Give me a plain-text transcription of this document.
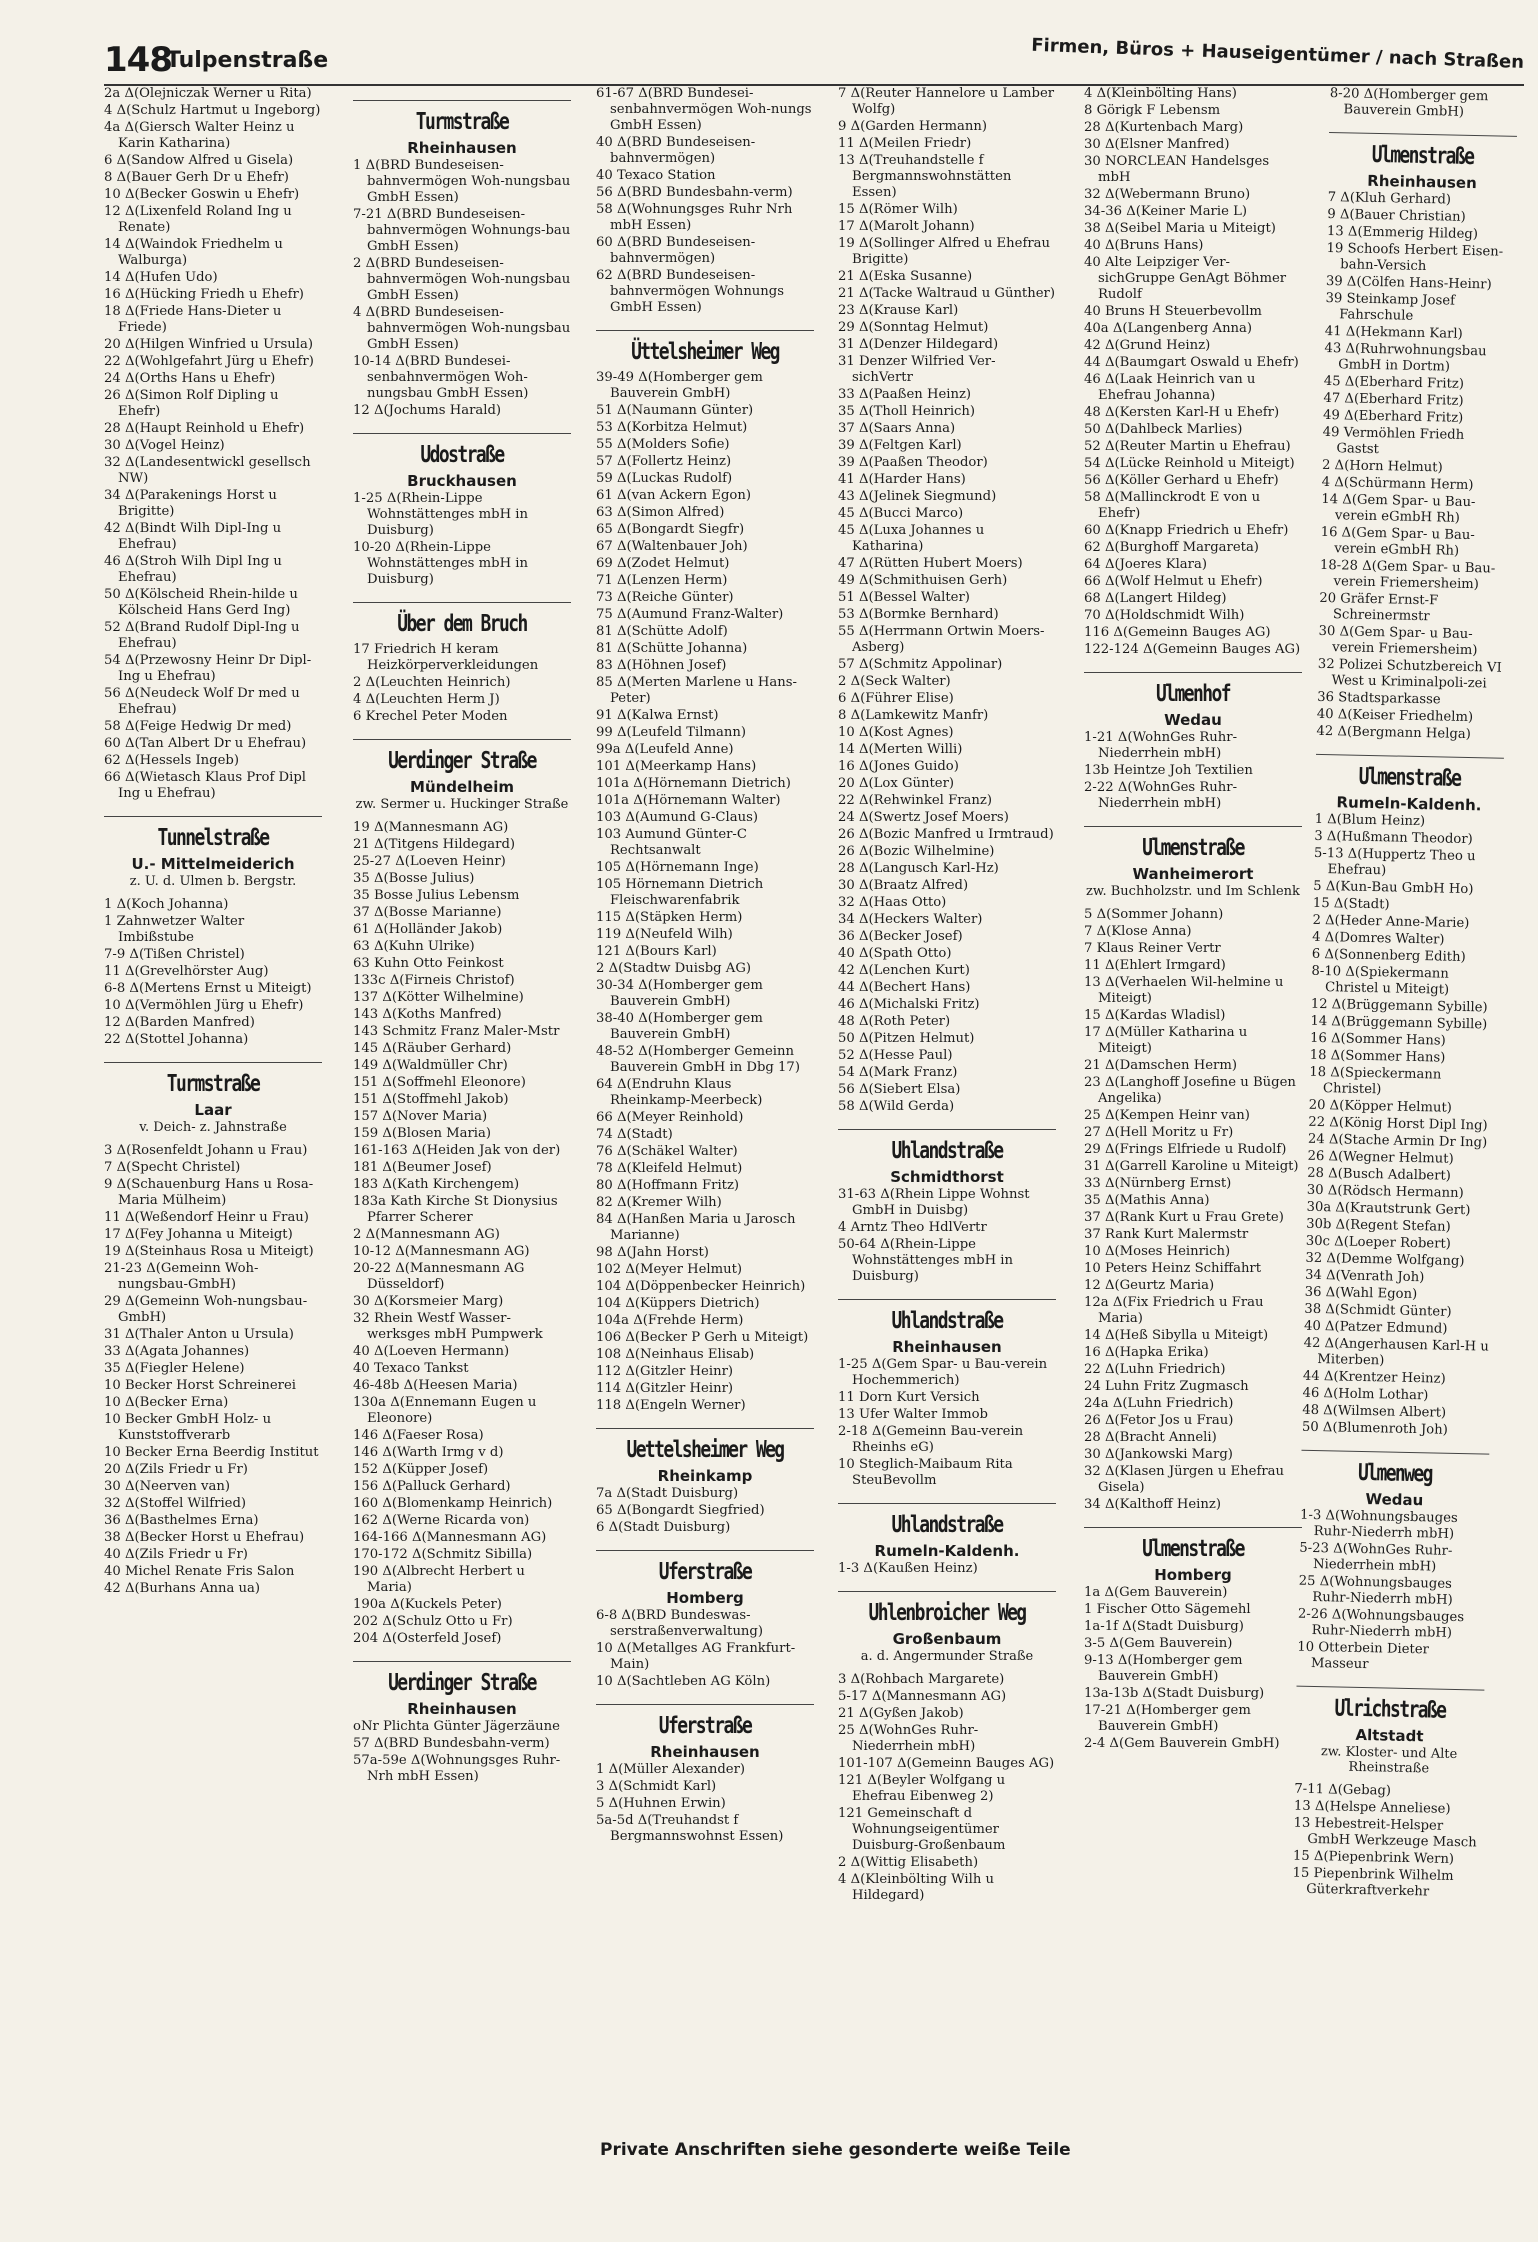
148
Tulpenstraße	Firmen, Büros + Hauseigentümer / nach Straßen
2a Δ(Olejniczak Werner u Rita)
4 Δ(Schulz Hartmut u Ingeborg)
4a Δ(Giersch Walter Heinz u Karin Katharina)
6 Δ(Sandow Alfred u Gisela)
8 Δ(Bauer Gerh Dr u Ehefr)
10 Δ(Becker Goswin u Ehefr)
12 Δ(Lixenfeld Roland Ing u Renate)
14 Δ(Waindok Friedhelm u Walburga)
14 Δ(Hufen Udo)
16 Δ(Hücking Friedh u Ehefr)
18 Δ(Friede Hans-Dieter u Friede)
20 Δ(Hilgen Winfried u Ursula)
22 Δ(Wohlgefahrt Jürg u Ehefr)
24 Δ(Orths Hans u Ehefr)
26 Δ(Simon Rolf Dipling u Ehefr)
28 Δ(Haupt Reinhold u Ehefr)
30 Δ(Vogel Heinz)
32 Δ(Landesentwickl gesellsch NW)
34 Δ(Parakenings Horst u Brigitte)
42 Δ(Bindt Wilh Dipl-Ing u Ehefrau)
46 Δ(Stroh Wilh Dipl Ing u Ehefrau)
50 Δ(Kölscheid Rhein-hilde u Kölscheid Hans Gerd Ing)
52 Δ(Brand Rudolf Dipl-Ing u Ehefrau)
54 Δ(Przewosny Heinr Dr Dipl-Ing u Ehefrau)
56 Δ(Neudeck Wolf Dr med u Ehefrau)
58 Δ(Feige Hedwig Dr med)
60 Δ(Tan Albert Dr u Ehefrau)
62 Δ(Hessels Ingeb)
66 Δ(Wietasch Klaus Prof Dipl Ing u Ehefrau)
Tunnelstraße
U.- Mittelmeiderich
z. U. d. Ulmen b. Bergstr.
1 Δ(Koch Johanna)
1 Zahnwetzer Walter Imbißstube
7-9 Δ(Tißen Christel)
11 Δ(Grevelhörster Aug)
6-8 Δ(Mertens Ernst u Miteigt)
10 Δ(Vermöhlen Jürg u Ehefr)
12 Δ(Barden Manfred)
22 Δ(Stottel Johanna)
Turmstraße
Laar
v. Deich- z. Jahnstraße
3 Δ(Rosenfeldt Johann u Frau)
7 Δ(Specht Christel)
9 Δ(Schauenburg Hans u Rosa-Maria Mülheim)
11 Δ(Weßendorf Heinr u Frau)
17 Δ(Fey Johanna u Miteigt)
19 Δ(Steinhaus Rosa u Miteigt)
21-23 Δ(Gemeinn Woh-nungsbau-GmbH)
29 Δ(Gemeinn Woh-nungsbau-GmbH)
31 Δ(Thaler Anton u Ursula)
33 Δ(Agata Johannes)
35 Δ(Fiegler Helene)
10 Becker Horst Schreinerei
10 Δ(Becker Erna)
10 Becker GmbH Holz- u Kunststoffverarb
10 Becker Erna Beerdig Institut
20 Δ(Zils Friedr u Fr)
30 Δ(Neerven van)
32 Δ(Stoffel Wilfried)
36 Δ(Basthelmes Erna)
38 Δ(Becker Horst u Ehefrau)
40 Δ(Zils Friedr u Fr)
40 Michel Renate Fris Salon
42 Δ(Burhans Anna ua)
Turmstraße
Rheinhausen
1 Δ(BRD Bundeseisen-bahnvermögen Woh-nungsbau GmbH Essen)
7-21 Δ(BRD Bundeseisen-bahnvermögen Wohnungs-bau GmbH Essen)
2 Δ(BRD Bundeseisen-bahnvermögen Woh-nungsbau GmbH Essen)
4 Δ(BRD Bundeseisen-bahnvermögen Woh-nungsbau GmbH Essen)
10-14 Δ(BRD Bundesei-senbahnvermögen Woh-nungsbau GmbH Essen)
12 Δ(Jochums Harald)
Udostraße
Bruckhausen
1-25 Δ(Rhein-Lippe Wohnstättenges mbH in Duisburg)
10-20 Δ(Rhein-Lippe Wohnstättenges mbH in Duisburg)
Über dem Bruch
17 Friedrich H keram Heizkörperverkleidungen
2 Δ(Leuchten Heinrich)
4 Δ(Leuchten Herm J)
6 Krechel Peter Moden
Uerdinger Straße
Mündelheim
zw. Sermer u. Huckinger Straße
19 Δ(Mannesmann AG)
21 Δ(Titgens Hildegard)
25-27 Δ(Loeven Heinr)
35 Δ(Bosse Julius)
35 Bosse Julius Lebensm
37 Δ(Bosse Marianne)
61 Δ(Holländer Jakob)
63 Δ(Kuhn Ulrike)
63 Kuhn Otto Feinkost
133c Δ(Firneis Christof)
137 Δ(Kötter Wilhelmine)
143 Δ(Koths Manfred)
143 Schmitz Franz Maler-Mstr
145 Δ(Räuber Gerhard)
149 Δ(Waldmüller Chr)
151 Δ(Soffmehl Eleonore)
151 Δ(Stoffmehl Jakob)
157 Δ(Nover Maria)
159 Δ(Blosen Maria)
161-163 Δ(Heiden Jak von der)
181 Δ(Beumer Josef)
183 Δ(Kath Kirchengem)
183a Kath Kirche St Dionysius Pfarrer Scherer
2 Δ(Mannesmann AG)
10-12 Δ(Mannesmann AG)
20-22 Δ(Mannesmann AG Düsseldorf)
30 Δ(Korsmeier Marg)
32 Rhein Westf Wasser-werksges mbH Pumpwerk
40 Δ(Loeven Hermann)
40 Texaco Tankst
46-48b Δ(Heesen Maria)
130a Δ(Ennemann Eugen u Eleonore)
146 Δ(Faeser Rosa)
146 Δ(Warth Irmg v d)
152 Δ(Küpper Josef)
156 Δ(Palluck Gerhard)
160 Δ(Blomenkamp Heinrich)
162 Δ(Werne Ricarda von)
164-166 Δ(Mannesmann AG)
170-172 Δ(Schmitz Sibilla)
190 Δ(Albrecht Herbert u Maria)
190a Δ(Kuckels Peter)
202 Δ(Schulz Otto u Fr)
204 Δ(Osterfeld Josef)
Uerdinger Straße
Rheinhausen
oNr Plichta Günter Jägerzäune
57 Δ(BRD Bundesbahn-verm)
57a-59e Δ(Wohnungsges Ruhr-Nrh mbH Essen)
61-67 Δ(BRD Bundesei-senbahnvermögen Woh-nungs GmbH Essen)
40 Δ(BRD Bundeseisen-bahnvermögen)
40 Texaco Station
56 Δ(BRD Bundesbahn-verm)
58 Δ(Wohnungsges Ruhr Nrh mbH Essen)
60 Δ(BRD Bundeseisen-bahnvermögen)
62 Δ(BRD Bundeseisen-bahnvermögen Wohnungs GmbH Essen)
Üttelsheimer Weg
39-49 Δ(Homberger gem Bauverein GmbH)
51 Δ(Naumann Günter)
53 Δ(Korbitza Helmut)
55 Δ(Molders Sofie)
57 Δ(Follertz Heinz)
59 Δ(Luckas Rudolf)
61 Δ(van Ackern Egon)
63 Δ(Simon Alfred)
65 Δ(Bongardt Siegfr)
67 Δ(Waltenbauer Joh)
69 Δ(Zodet Helmut)
71 Δ(Lenzen Herm)
73 Δ(Reiche Günter)
75 Δ(Aumund Franz-Walter)
81 Δ(Schütte Adolf)
81 Δ(Schütte Johanna)
83 Δ(Höhnen Josef)
85 Δ(Merten Marlene u Hans-Peter)
91 Δ(Kalwa Ernst)
99 Δ(Leufeld Tilmann)
99a Δ(Leufeld Anne)
101 Δ(Meerkamp Hans)
101a Δ(Hörnemann Dietrich)
101a Δ(Hörnemann Walter)
103 Δ(Aumund G-Claus)
103 Aumund Günter-C Rechtsanwalt
105 Δ(Hörnemann Inge)
105 Hörnemann Dietrich Fleischwarenfabrik
115 Δ(Stäpken Herm)
119 Δ(Neufeld Wilh)
121 Δ(Bours Karl)
2 Δ(Stadtw Duisbg AG)
30-34 Δ(Homberger gem Bauverein GmbH)
38-40 Δ(Homberger gem Bauverein GmbH)
48-52 Δ(Homberger Gemeinn Bauverein GmbH in Dbg 17)
64 Δ(Endruhn Klaus Rheinkamp-Meerbeck)
66 Δ(Meyer Reinhold)
74 Δ(Stadt)
76 Δ(Schäkel Walter)
78 Δ(Kleifeld Helmut)
80 Δ(Hoffmann Fritz)
82 Δ(Kremer Wilh)
84 Δ(Hanßen Maria u Jarosch Marianne)
98 Δ(Jahn Horst)
102 Δ(Meyer Helmut)
104 Δ(Döppenbecker Heinrich)
104 Δ(Küppers Dietrich)
104a Δ(Frehde Herm)
106 Δ(Becker P Gerh u Miteigt)
108 Δ(Neinhaus Elisab)
112 Δ(Gitzler Heinr)
114 Δ(Gitzler Heinr)
118 Δ(Engeln Werner)
Uettelsheimer Weg
Rheinkamp
7a Δ(Stadt Duisburg)
65 Δ(Bongardt Siegfried)
6 Δ(Stadt Duisburg)
Uferstraße
Homberg
6-8 Δ(BRD Bundeswas-serstraßenverwaltung)
10 Δ(Metallges AG Frankfurt-Main)
10 Δ(Sachtleben AG Köln)
Uferstraße
Rheinhausen
1 Δ(Müller Alexander)
3 Δ(Schmidt Karl)
5 Δ(Huhnen Erwin)
5a-5d Δ(Treuhandst f Bergmannswohnst Essen)
7 Δ(Reuter Hannelore u Lamber Wolfg)
9 Δ(Garden Hermann)
11 Δ(Meilen Friedr)
13 Δ(Treuhandstelle f Bergmannswohnstätten Essen)
15 Δ(Römer Wilh)
17 Δ(Marolt Johann)
19 Δ(Sollinger Alfred u Ehefrau Brigitte)
21 Δ(Eska Susanne)
21 Δ(Tacke Waltraud u Günther)
23 Δ(Krause Karl)
29 Δ(Sonntag Helmut)
31 Δ(Denzer Hildegard)
31 Denzer Wilfried Ver-sichVertr
33 Δ(Paaßen Heinz)
35 Δ(Tholl Heinrich)
37 Δ(Saars Anna)
39 Δ(Feltgen Karl)
39 Δ(Paaßen Theodor)
41 Δ(Harder Hans)
43 Δ(Jelinek Siegmund)
45 Δ(Bucci Marco)
45 Δ(Luxa Johannes u Katharina)
47 Δ(Rütten Hubert Moers)
49 Δ(Schmithuisen Gerh)
51 Δ(Bessel Walter)
53 Δ(Bormke Bernhard)
55 Δ(Herrmann Ortwin Moers-Asberg)
57 Δ(Schmitz Appolinar)
2 Δ(Seck Walter)
6 Δ(Führer Elise)
8 Δ(Lamkewitz Manfr)
10 Δ(Kost Agnes)
14 Δ(Merten Willi)
16 Δ(Jones Guido)
20 Δ(Lox Günter)
22 Δ(Rehwinkel Franz)
24 Δ(Swertz Josef Moers)
26 Δ(Bozic Manfred u Irmtraud)
26 Δ(Bozic Wilhelmine)
28 Δ(Langusch Karl-Hz)
30 Δ(Braatz Alfred)
32 Δ(Haas Otto)
34 Δ(Heckers Walter)
36 Δ(Becker Josef)
40 Δ(Spath Otto)
42 Δ(Lenchen Kurt)
44 Δ(Bechert Hans)
46 Δ(Michalski Fritz)
48 Δ(Roth Peter)
50 Δ(Pitzen Helmut)
52 Δ(Hesse Paul)
54 Δ(Mark Franz)
56 Δ(Siebert Elsa)
58 Δ(Wild Gerda)
Uhlandstraße
Schmidthorst
31-63 Δ(Rhein Lippe Wohnst GmbH in Duisbg)
4 Arntz Theo HdlVertr
50-64 Δ(Rhein-Lippe Wohnstättenges mbH in Duisburg)
Uhlandstraße
Rheinhausen
1-25 Δ(Gem Spar- u Bau-verein Hochemmerich)
11 Dorn Kurt Versich
13 Ufer Walter Immob
2-18 Δ(Gemeinn Bau-verein Rheinhs eG)
10 Steglich-Maibaum Rita SteuBevollm
Uhlandstraße
Rumeln-Kaldenh.
1-3 Δ(Kaußen Heinz)
Uhlenbroicher Weg
Großenbaum
a. d. Angermunder Straße
3 Δ(Rohbach Margarete)
5-17 Δ(Mannesmann AG)
21 Δ(Gyßen Jakob)
25 Δ(WohnGes Ruhr-Niederrhein mbH)
101-107 Δ(Gemeinn Bauges AG)
121 Δ(Beyler Wolfgang u Ehefrau Eibenweg 2)
121 Gemeinschaft d Wohnungseigentümer Duisburg-Großenbaum
2 Δ(Wittig Elisabeth)
4 Δ(Kleinbölting Wilh u Hildegard)
4 Δ(Kleinbölting Hans)
8 Görigk F Lebensm
28 Δ(Kurtenbach Marg)
30 Δ(Elsner Manfred)
30 NORCLEAN Handelsges mbH
32 Δ(Webermann Bruno)
34-36 Δ(Keiner Marie L)
38 Δ(Seibel Maria u Miteigt)
40 Δ(Bruns Hans)
40 Alte Leipziger Ver-sichGruppe GenAgt Böhmer Rudolf
40 Bruns H Steuerbevollm
40a Δ(Langenberg Anna)
42 Δ(Grund Heinz)
44 Δ(Baumgart Oswald u Ehefr)
46 Δ(Laak Heinrich van u Ehefrau Johanna)
48 Δ(Kersten Karl-H u Ehefr)
50 Δ(Dahlbeck Marlies)
52 Δ(Reuter Martin u Ehefrau)
54 Δ(Lücke Reinhold u Miteigt)
56 Δ(Köller Gerhard u Ehefr)
58 Δ(Mallinckrodt E von u Ehefr)
60 Δ(Knapp Friedrich u Ehefr)
62 Δ(Burghoff Margareta)
64 Δ(Joeres Klara)
66 Δ(Wolf Helmut u Ehefr)
68 Δ(Langert Hildeg)
70 Δ(Holdschmidt Wilh)
116 Δ(Gemeinn Bauges AG)
122-124 Δ(Gemeinn Bauges AG)
Ulmenhof
Wedau
1-21 Δ(WohnGes Ruhr-Niederrhein mbH)
13b Heintze Joh Textilien
2-22 Δ(WohnGes Ruhr-Niederrhein mbH)
Ulmenstraße
Wanheimerort
zw. Buchholzstr. und Im Schlenk
5 Δ(Sommer Johann)
7 Δ(Klose Anna)
7 Klaus Reiner Vertr
11 Δ(Ehlert Irmgard)
13 Δ(Verhaelen Wil-helmine u Miteigt)
15 Δ(Kardas Wladisl)
17 Δ(Müller Katharina u Miteigt)
21 Δ(Damschen Herm)
23 Δ(Langhoff Josefine u Bügen Angelika)
25 Δ(Kempen Heinr van)
27 Δ(Hell Moritz u Fr)
29 Δ(Frings Elfriede u Rudolf)
31 Δ(Garrell Karoline u Miteigt)
33 Δ(Nürnberg Ernst)
35 Δ(Mathis Anna)
37 Δ(Rank Kurt u Frau Grete)
37 Rank Kurt Malermstr
10 Δ(Moses Heinrich)
10 Peters Heinz Schiffahrt
12 Δ(Geurtz Maria)
12a Δ(Fix Friedrich u Frau Maria)
14 Δ(Heß Sibylla u Miteigt)
16 Δ(Hapka Erika)
22 Δ(Luhn Friedrich)
24 Luhn Fritz Zugmasch
24a Δ(Luhn Friedrich)
26 Δ(Fetor Jos u Frau)
28 Δ(Bracht Anneli)
30 Δ(Jankowski Marg)
32 Δ(Klasen Jürgen u Ehefrau Gisela)
34 Δ(Kalthoff Heinz)
Ulmenstraße
Homberg
1a Δ(Gem Bauverein)
1 Fischer Otto Sägemehl
1a-1f Δ(Stadt Duisburg)
3-5 Δ(Gem Bauverein)
9-13 Δ(Homberger gem Bauverein GmbH)
13a-13b Δ(Stadt Duisburg)
17-21 Δ(Homberger gem Bauverein GmbH)
2-4 Δ(Gem Bauverein GmbH)
8-20 Δ(Homberger gem Bauverein GmbH)
Ulmenstraße
Rheinhausen
7 Δ(Kluh Gerhard)
9 Δ(Bauer Christian)
13 Δ(Emmerig Hildeg)
19 Schoofs Herbert Eisen-bahn-Versich
39 Δ(Cölfen Hans-Heinr)
39 Steinkamp Josef Fahrschule
41 Δ(Hekmann Karl)
43 Δ(Ruhrwohnungsbau GmbH in Dortm)
45 Δ(Eberhard Fritz)
47 Δ(Eberhard Fritz)
49 Δ(Eberhard Fritz)
49 Vermöhlen Friedh Gastst
2 Δ(Horn Helmut)
4 Δ(Schürmann Herm)
14 Δ(Gem Spar- u Bau-verein eGmbH Rh)
16 Δ(Gem Spar- u Bau-verein eGmbH Rh)
18-28 Δ(Gem Spar- u Bau-verein Friemersheim)
20 Gräfer Ernst-F Schreinermstr
30 Δ(Gem Spar- u Bau-verein Friemersheim)
32 Polizei Schutzbereich VI West u Kriminalpoli-zei
36 Stadtsparkasse
40 Δ(Keiser Friedhelm)
42 Δ(Bergmann Helga)
Ulmenstraße
Rumeln-Kaldenh.
1 Δ(Blum Heinz)
3 Δ(Hußmann Theodor)
5-13 Δ(Huppertz Theo u Ehefrau)
5 Δ(Kun-Bau GmbH Ho)
15 Δ(Stadt)
2 Δ(Heder Anne-Marie)
4 Δ(Domres Walter)
6 Δ(Sonnenberg Edith)
8-10 Δ(Spiekermann Christel u Miteigt)
12 Δ(Brüggemann Sybille)
14 Δ(Brüggemann Sybille)
16 Δ(Sommer Hans)
18 Δ(Sommer Hans)
18 Δ(Spieckermann Christel)
20 Δ(Köpper Helmut)
22 Δ(König Horst Dipl Ing)
24 Δ(Stache Armin Dr Ing)
26 Δ(Wegner Helmut)
28 Δ(Busch Adalbert)
30 Δ(Rödsch Hermann)
30a Δ(Krautstrunk Gert)
30b Δ(Regent Stefan)
30c Δ(Loeper Robert)
32 Δ(Demme Wolfgang)
34 Δ(Venrath Joh)
36 Δ(Wahl Egon)
38 Δ(Schmidt Günter)
40 Δ(Patzer Edmund)
42 Δ(Angerhausen Karl-H u Miterben)
44 Δ(Krentzer Heinz)
46 Δ(Holm Lothar)
48 Δ(Wilmsen Albert)
50 Δ(Blumenroth Joh)
Ulmenweg
Wedau
1-3 Δ(Wohnungsbauges Ruhr-Niederrh mbH)
5-23 Δ(WohnGes Ruhr-Niederrhein mbH)
25 Δ(Wohnungsbauges Ruhr-Niederrh mbH)
2-26 Δ(Wohnungsbauges Ruhr-Niederrh mbH)
10 Otterbein Dieter Masseur
Ulrichstraße
Altstadt
zw. Kloster- und Alte Rheinstraße
7-11 Δ(Gebag)
13 Δ(Helspe Anneliese)
13 Hebestreit-Helsper GmbH Werkzeuge Masch
15 Δ(Piepenbrink Wern)
15 Piepenbrink Wilhelm Güterkraftverkehr
Private Anschriften siehe gesonderte weiße Teile
